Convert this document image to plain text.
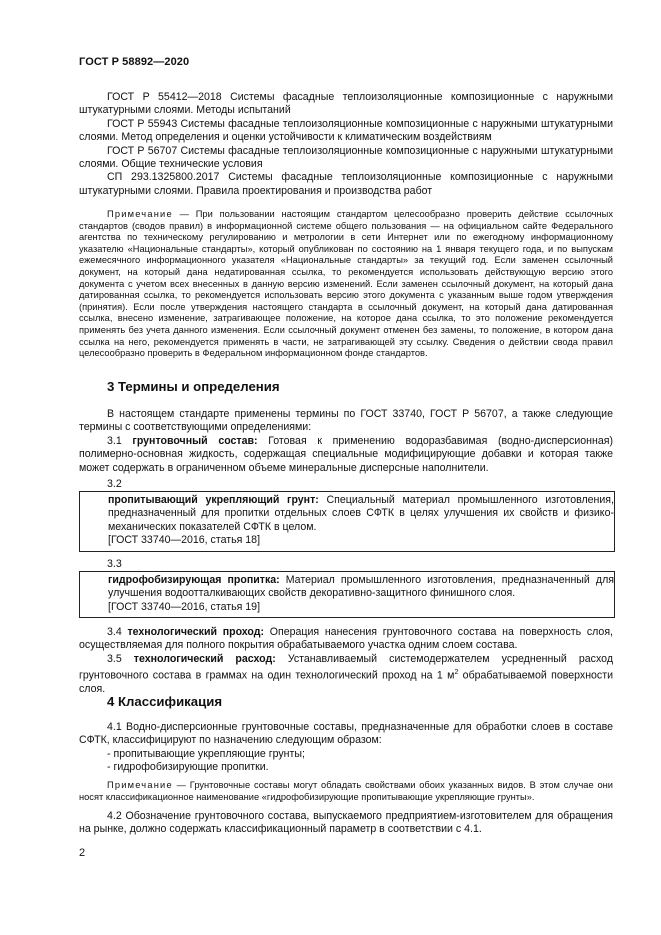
ГОСТ Р 58892—2020

ГОСТ Р 55412—2018 Системы фасадные теплоизоляционные композиционные с наружными штукатурными слоями. Методы испытаний

ГОСТ Р 55943 Системы фасадные теплоизоляционные композиционные с наружными штукатурными слоями. Метод определения и оценки устойчивости к климатическим воздействиям

ГОСТ Р 56707 Системы фасадные теплоизоляционные композиционные с наружными штукатурными слоями. Общие технические условия

СП 293.1325800.2017 Системы фасадные теплоизоляционные композиционные с наружными штукатурными слоями. Правила проектирования и производства работ

Примечание — При пользовании настоящим стандартом целесообразно проверить действие ссылочных стандартов (сводов правил) в информационной системе общего пользования — на официальном сайте Федерального агентства по техническому регулированию и метрологии в сети Интернет или по ежегодному информационному указателю «Национальные стандарты», который опубликован по состоянию на 1 января текущего года, и по выпускам ежемесячного информационного указателя «Национальные стандарты» за текущий год. Если заменен ссылочный документ, на который дана недатированная ссылка, то рекомендуется использовать действующую версию этого документа с учетом всех внесенных в данную версию изменений. Если заменен ссылочный документ, на который дана датированная ссылка, то рекомендуется использовать версию этого документа с указанным выше годом утверждения (принятия). Если после утверждения настоящего стандарта в ссылочный документ, на который дана датированная ссылка, внесено изменение, затрагивающее положение, на которое дана ссылка, то это положение рекомендуется применять без учета данного изменения. Если ссылочный документ отменен без замены, то положение, в котором дана ссылка на него, рекомендуется применять в части, не затрагивающей эту ссылку. Сведения о действии свода правил целесообразно проверить в Федеральном информационном фонде стандартов.

3 Термины и определения

В настоящем стандарте применены термины по ГОСТ 33740, ГОСТ Р 56707, а также следующие термины с соответствующими определениями:

3.1 грунтовочный состав: Готовая к применению водоразбавимая (водно-дисперсионная) полимерно-основная жидкость, содержащая специальные модифицирующие добавки и которая также может содержать в ограниченном объеме минеральные дисперсные наполнители.

3.2

пропитывающий укрепляющий грунт: Специальный материал промышленного изготовления, предназначенный для пропитки отдельных слоев СФТК в целях улучшения их свойств и физико-механических показателей СФТК в целом.

[ГОСТ 33740—2016, статья 18]

3.3

гидрофобизирующая пропитка: Материал промышленного изготовления, предназначенный для улучшения водоотталкивающих свойств декоративно-защитного финишного слоя.

[ГОСТ 33740—2016, статья 19]

3.4 технологический проход: Операция нанесения грунтовочного состава на поверхность слоя, осуществляемая для полного покрытия обрабатываемого участка одним слоем состава.

3.5 технологический расход: Устанавливаемый системодержателем усредненный расход грунтовочного состава в граммах на один технологический проход на 1 $м^2$ обрабатываемой поверхности слоя.

4 Классификация

4.1 Водно-дисперсионные грунтовочные составы, предназначенные для обработки слоев в составе СФТК, классифицируют по назначению следующим образом:

- пропитывающие укрепляющие грунты;

- гидрофобизирующие пропитки.

Примечание — Грунтовочные составы могут обладать свойствами обоих указанных видов. В этом случае они носят классификационное наименование «гидрофобизирующие пропитывающие укрепляющие грунты».

4.2 Обозначение грунтовочного состава, выпускаемого предприятием-изготовителем для обращения на рынке, должно содержать классификационный параметр в соответствии с 4.1.

2
